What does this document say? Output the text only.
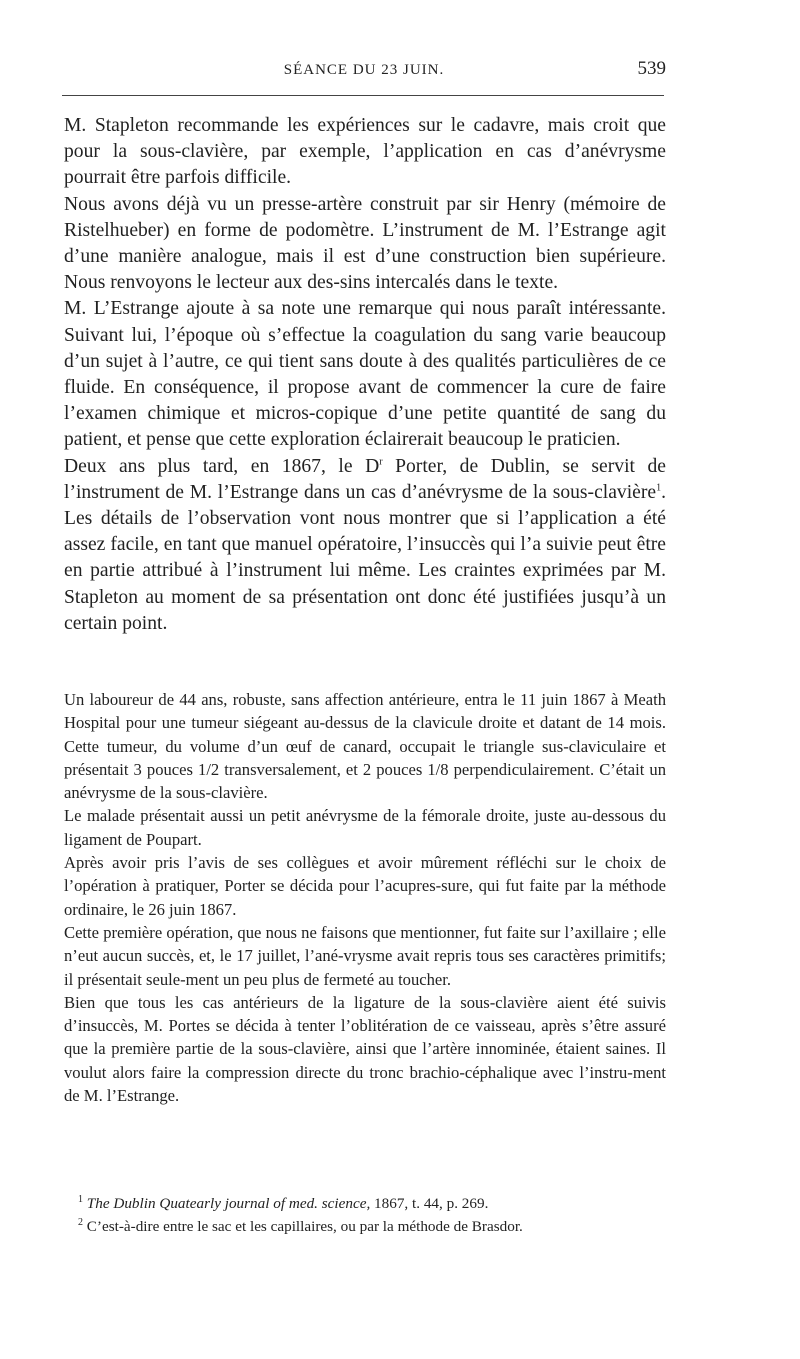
SÉANCE DU 23 JUIN.	539

M. Stapleton recommande les expériences sur le cadavre, mais croit que pour la sous-clavière, par exemple, l’application en cas d’anévrysme pourrait être parfois difficile.

Nous avons déjà vu un presse-artère construit par sir Henry (mémoire de Ristelhueber) en forme de podomètre. L’instrument de M. l’Estrange agit d’une manière analogue, mais il est d’une construction bien supérieure. Nous renvoyons le lecteur aux des-sins intercalés dans le texte.

M. L’Estrange ajoute à sa note une remarque qui nous paraît intéressante. Suivant lui, l’époque où s’effectue la coagulation du sang varie beaucoup d’un sujet à l’autre, ce qui tient sans doute à des qualités particulières de ce fluide. En conséquence, il propose avant de commencer la cure de faire l’examen chimique et micros-copique d’une petite quantité de sang du patient, et pense que cette exploration éclairerait beaucoup le praticien.

Deux ans plus tard, en 1867, le $D^r$ Porter, de Dublin, se servit de l’instrument de M. l’Estrange dans un cas d’anévrysme de la sous-clavière$^1$. Les détails de l’observation vont nous montrer que si l’application a été assez facile, en tant que manuel opératoire, l’insuccès qui l’a suivie peut être en partie attribué à l’instrument lui même. Les craintes exprimées par M. Stapleton au moment de sa présentation ont donc été justifiées jusqu’à un certain point.

Un laboureur de 44 ans, robuste, sans affection antérieure, entra le 11 juin 1867 à Meath Hospital pour une tumeur siégeant au-dessus de la clavicule droite et datant de 14 mois. Cette tumeur, du volume d’un œuf de canard, occupait le triangle sus-claviculaire et présentait 3 pouces 1/2 transversalement, et 2 pouces 1/8 perpendiculairement. C’était un anévrysme de la sous-clavière.

Le malade présentait aussi un petit anévrysme de la fémorale droite, juste au-dessous du ligament de Poupart.

Après avoir pris l’avis de ses collègues et avoir mûrement réfléchi sur le choix de l’opération à pratiquer, Porter se décida pour l’acupres-sure, qui fut faite par la méthode ordinaire, le 26 juin 1867.

Cette première opération, que nous ne faisons que mentionner, fut faite sur l’axillaire ; elle n’eut aucun succès, et, le 17 juillet, l’ané-vrysme avait repris tous ses caractères primitifs; il présentait seule-ment un peu plus de fermeté au toucher.

Bien que tous les cas antérieurs de la ligature de la sous-clavière aient été suivis d’insuccès, M. Portes se décida à tenter l’oblitération de ce vaisseau, après s’être assuré que la première partie de la sous-clavière, ainsi que l’artère innominée, étaient saines. Il voulut alors faire la compression directe du tronc brachio-céphalique avec l’instru-ment de M. l’Estrange.

$^1$ The Dublin Quatearly journal of med. science, 1867, t. 44, p. 269.

$^2$ C’est-à-dire entre le sac et les capillaires, ou par la méthode de Brasdor.
